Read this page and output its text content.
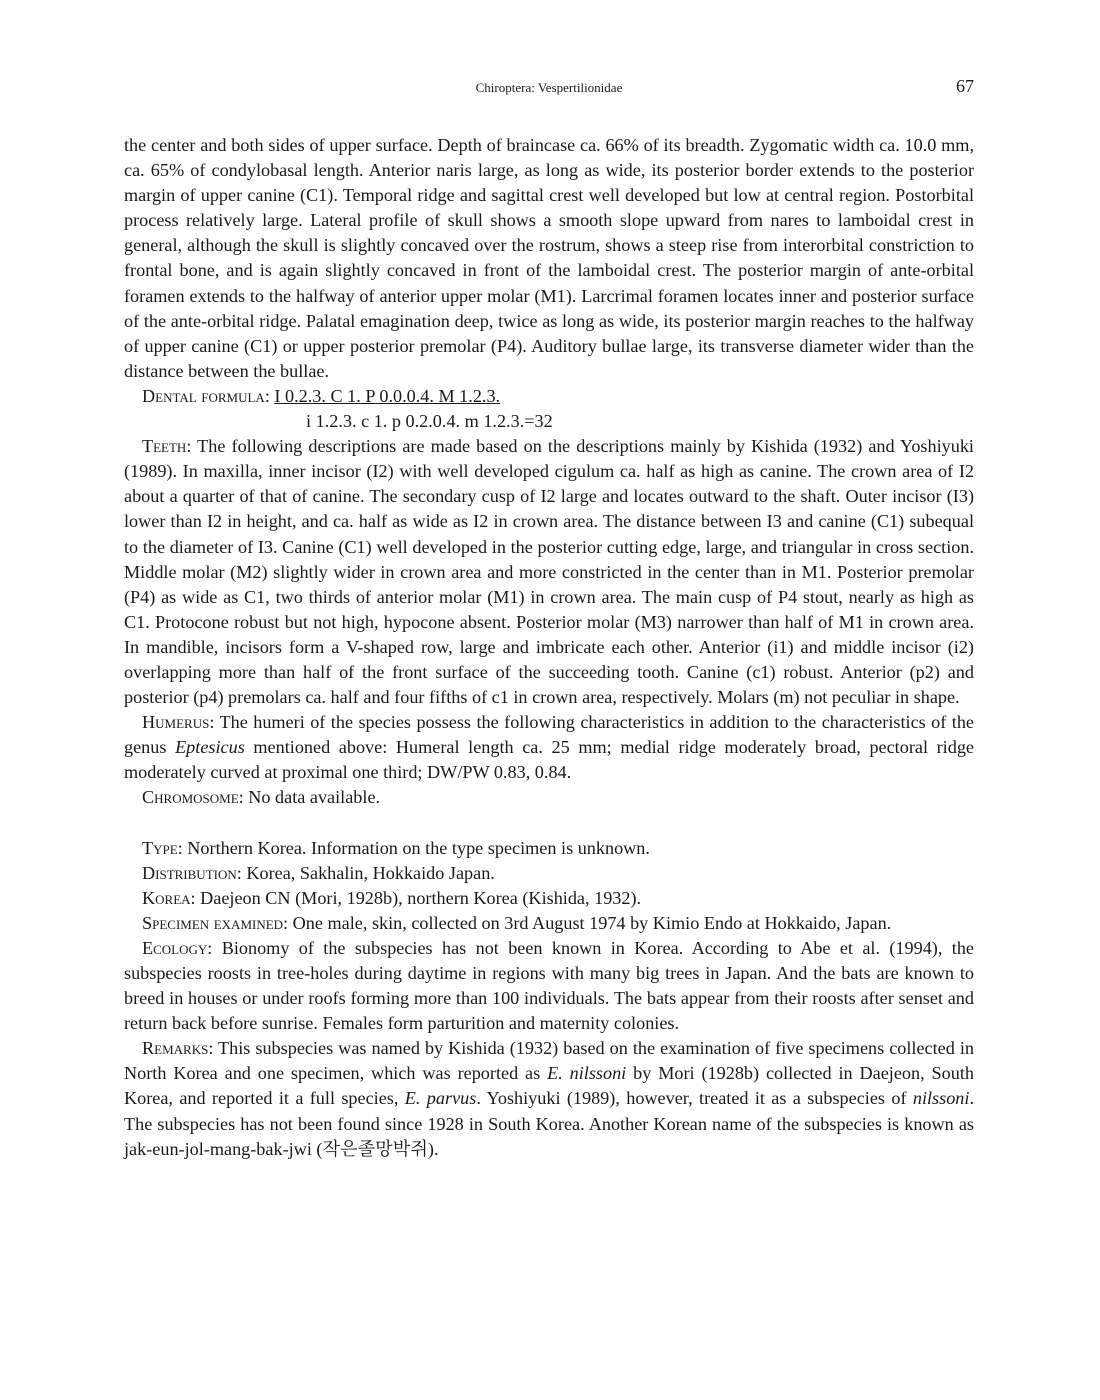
Chiroptera: Vespertilionidae	67

the center and both sides of upper surface. Depth of braincase ca. 66% of its breadth. Zygomatic width ca. 10.0 mm, ca. 65% of condylobasal length. Anterior naris large, as long as wide, its posterior border extends to the posterior margin of upper canine (C1). Temporal ridge and sagittal crest well developed but low at central region. Postorbital process relatively large. Lateral profile of skull shows a smooth slope upward from nares to lamboidal crest in general, although the skull is slightly concaved over the rostrum, shows a steep rise from interorbital constriction to frontal bone, and is again slightly concaved in front of the lamboidal crest. The posterior margin of ante-orbital foramen extends to the halfway of anterior upper molar (M1). Larcrimal foramen locates inner and posterior surface of the ante-orbital ridge. Palatal emagination deep, twice as long as wide, its posterior margin reaches to the halfway of upper canine (C1) or upper posterior premolar (P4). Auditory bullae large, its transverse diameter wider than the distance between the bullae.

Dental formula: I 0.2.3. C 1. P 0.0.0.4. M 1.2.3.
i 1.2.3. c 1. p 0.2.0.4. m 1.2.3.=32

Teeth: The following descriptions are made based on the descriptions mainly by Kishida (1932) and Yoshiyuki (1989). In maxilla, inner incisor (I2) with well developed cigulum ca. half as high as canine. The crown area of I2 about a quarter of that of canine. The secondary cusp of I2 large and locates outward to the shaft. Outer incisor (I3) lower than I2 in height, and ca. half as wide as I2 in crown area. The distance between I3 and canine (C1) subequal to the diameter of I3. Canine (C1) well developed in the posterior cutting edge, large, and triangular in cross section. Middle molar (M2) slightly wider in crown area and more constricted in the center than in M1. Posterior premolar (P4) as wide as C1, two thirds of anterior molar (M1) in crown area. The main cusp of P4 stout, nearly as high as C1. Protocone robust but not high, hypocone absent. Posterior molar (M3) narrower than half of M1 in crown area. In mandible, incisors form a V-shaped row, large and imbricate each other. Anterior (i1) and middle incisor (i2) overlapping more than half of the front surface of the succeeding tooth. Canine (c1) robust. Anterior (p2) and posterior (p4) premolars ca. half and four fifths of c1 in crown area, respectively. Molars (m) not peculiar in shape.

Humerus: The humeri of the species possess the following characteristics in addition to the characteristics of the genus Eptesicus mentioned above: Humeral length ca. 25 mm; medial ridge moderately broad, pectoral ridge moderately curved at proximal one third; DW/PW 0.83, 0.84.

Chromosome: No data available.

Type: Northern Korea. Information on the type specimen is unknown.

Distribution: Korea, Sakhalin, Hokkaido Japan.

Korea: Daejeon CN (Mori, 1928b), northern Korea (Kishida, 1932).

Specimen examined: One male, skin, collected on 3rd August 1974 by Kimio Endo at Hokkaido, Japan.

Ecology: Bionomy of the subspecies has not been known in Korea. According to Abe et al. (1994), the subspecies roosts in tree-holes during daytime in regions with many big trees in Japan. And the bats are known to breed in houses or under roofs forming more than 100 individuals. The bats appear from their roosts after senset and return back before sunrise. Females form parturition and maternity colonies.

Remarks: This subspecies was named by Kishida (1932) based on the examination of five specimens collected in North Korea and one specimen, which was reported as E. nilssoni by Mori (1928b) collected in Daejeon, South Korea, and reported it a full species, E. parvus. Yoshiyuki (1989), however, treated it as a subspecies of nilssoni. The subspecies has not been found since 1928 in South Korea. Another Korean name of the subspecies is known as jak-eun-jol-mang-bak-jwi (작은졸망박쥐).
